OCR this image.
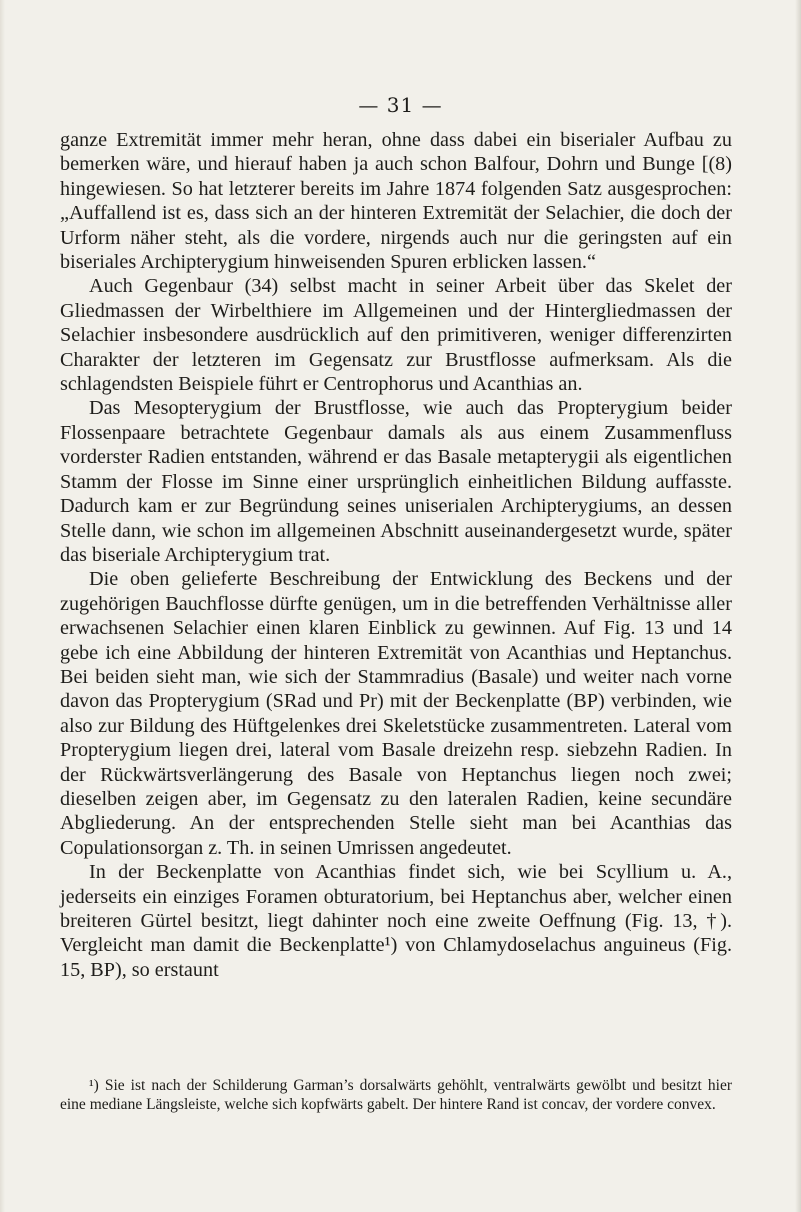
— 31 —

ganze Extremität immer mehr heran, ohne dass dabei ein biserialer Aufbau zu bemerken wäre, und hierauf haben ja auch schon Balfour, Dohrn und Bunge [(8) hingewiesen. So hat letzterer bereits im Jahre 1874 folgenden Satz ausgesprochen: „Auffallend ist es, dass sich an der hinteren Extremität der Selachier, die doch der Urform näher steht, als die vordere, nirgends auch nur die geringsten auf ein biseriales Archipterygium hinweisenden Spuren erblicken lassen.“

Auch Gegenbaur (34) selbst macht in seiner Arbeit über das Skelet der Gliedmassen der Wirbelthiere im Allgemeinen und der Hintergliedmassen der Selachier insbesondere ausdrücklich auf den primitiveren, weniger differenzirten Charakter der letzteren im Gegensatz zur Brustflosse aufmerksam. Als die schlagendsten Beispiele führt er Centrophorus und Acanthias an.

Das Mesopterygium der Brustflosse, wie auch das Propterygium beider Flossenpaare betrachtete Gegenbaur damals als aus einem Zusammenfluss vorderster Radien entstanden, während er das Basale metapterygii als eigentlichen Stamm der Flosse im Sinne einer ursprünglich einheitlichen Bildung auffasste. Dadurch kam er zur Begründung seines uniserialen Archipterygiums, an dessen Stelle dann, wie schon im allgemeinen Abschnitt auseinandergesetzt wurde, später das biseriale Archipterygium trat.

Die oben gelieferte Beschreibung der Entwicklung des Beckens und der zugehörigen Bauchflosse dürfte genügen, um in die betreffenden Verhältnisse aller erwachsenen Selachier einen klaren Einblick zu gewinnen. Auf Fig. 13 und 14 gebe ich eine Abbildung der hinteren Extremität von Acanthias und Heptanchus. Bei beiden sieht man, wie sich der Stammradius (Basale) und weiter nach vorne davon das Propterygium (SRad und Pr) mit der Beckenplatte (BP) verbinden, wie also zur Bildung des Hüftgelenkes drei Skeletstücke zusammentreten. Lateral vom Propterygium liegen drei, lateral vom Basale dreizehn resp. siebzehn Radien. In der Rückwärtsverlängerung des Basale von Heptanchus liegen noch zwei; dieselben zeigen aber, im Gegensatz zu den lateralen Radien, keine secundäre Abgliederung. An der entsprechenden Stelle sieht man bei Acanthias das Copulationsorgan z. Th. in seinen Umrissen angedeutet.

In der Beckenplatte von Acanthias findet sich, wie bei Scyllium u. A., jederseits ein einziges Foramen obturatorium, bei Heptanchus aber, welcher einen breiteren Gürtel besitzt, liegt dahinter noch eine zweite Oeffnung (Fig. 13, †). Vergleicht man damit die Beckenplatte¹) von Chlamydoselachus anguineus (Fig. 15, BP), so erstaunt

¹) Sie ist nach der Schilderung Garman’s dorsalwärts gehöhlt, ventralwärts gewölbt und besitzt hier eine mediane Längsleiste, welche sich kopfwärts gabelt. Der hintere Rand ist concav, der vordere convex.
